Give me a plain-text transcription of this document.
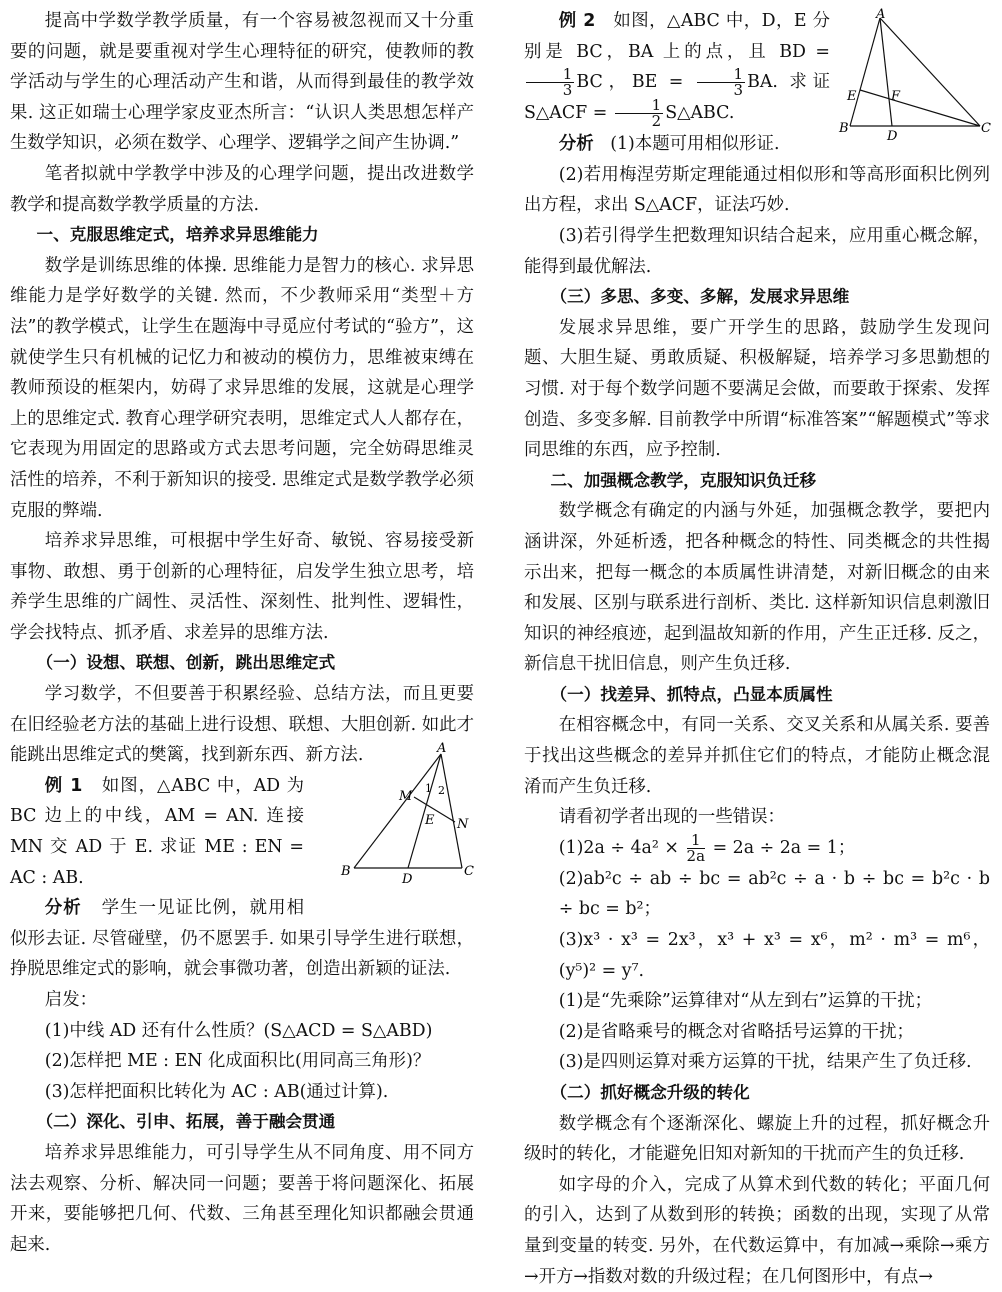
提高中学数学教学质量，有一个容易被忽视而又十分重要的问题，就是要重视对学生心理特征的研究，使教师的教学活动与学生的心理活动产生和谐，从而得到最佳的教学效果. 这正如瑞士心理学家皮亚杰所言：“认识人类思想怎样产生数学知识，必须在数学、心理学、逻辑学之间产生协调.”

笔者拟就中学教学中涉及的心理学问题，提出改进数学教学和提高数学教学质量的方法.

一、克服思维定式，培养求异思维能力

数学是训练思维的体操. 思维能力是智力的核心. 求异思维能力是学好数学的关键. 然而，不少教师采用“类型＋方法”的教学模式，让学生在题海中寻觅应付考试的“验方”，这就使学生只有机械的记忆力和被动的模仿力，思维被束缚在教师预设的框架内，妨碍了求异思维的发展，这就是心理学上的思维定式. 教育心理学研究表明，思维定式人人都存在，它表现为用固定的思路或方式去思考问题，完全妨碍思维灵活性的培养，不利于新知识的接受. 思维定式是数学教学必须克服的弊端.

培养求异思维，可根据中学生好奇、敏锐、容易接受新事物、敢想、勇于创新的心理特征，启发学生独立思考，培养学生思维的广阔性、灵活性、深刻性、批判性、逻辑性，学会找特点、抓矛盾、求差异的思维方法.

（一）设想、联想、创新，跳出思维定式

学习数学，不但要善于积累经验、总结方法，而且更要在旧经验老方法的基础上进行设想、联想、大胆创新. 如此才能跳出思维定式的樊篱，找到新东西、新方法.

例 1 如图，△ABC 中，AD 为 BC 边上的中线，AM = AN. 连接 MN 交 AD 于 E. 求证 ME : EN = AC : AB.

分析 学生一见证比例，就用相似形去证. 尽管碰壁，仍不愿罢手. 如果引导学生进行联想，挣脱思维定式的影响，就会事微功著，创造出新颖的证法.

启发：

(1)中线 AD 还有什么性质？(S△ACD = S△ABD)

(2)怎样把 ME : EN 化成面积比(用同高三角形)？

(3)怎样把面积比转化为 AC : AB(通过计算).

（二）深化、引申、拓展，善于融会贯通

培养求异思维能力，可引导学生从不同角度、用不同方法去观察、分析、解决同一问题；要善于将问题深化、拓展开来，要能够把几何、代数、三角甚至理化知识都融会贯通起来.

A
M
1 2
E N
B
D
C

例 2 如图，△ABC 中，D，E 分别是 BC，BA 上的点，且 BD =
$\frac{1}{3}$ BC，BE = $\frac{1}{3}$ BA. 求证 S△ACF = $\frac{1}{2}$ S△ABC.

分析 (1)本题可用相似形证.

(2)若用梅涅劳斯定理能通过相似形和等高形面积比例列出方程，求出 S△ACF，证法巧妙.

(3)若引得学生把数理知识结合起来，应用重心概念解，能得到最优解法.

（三）多思、多变、多解，发展求异思维

发展求异思维，要广开学生的思路，鼓励学生发现问题、大胆生疑、勇敢质疑、积极解疑，培养学习多思勤想的习惯. 对于每个数学问题不要满足会做，而要敢于探索、发挥创造、多变多解. 目前教学中所谓“标准答案”“解题模式”等求同思维的东西，应予控制.

二、加强概念教学，克服知识负迁移

数学概念有确定的内涵与外延，加强概念教学，要把内涵讲深，外延析透，把各种概念的特性、同类概念的共性揭示出来，把每一概念的本质属性讲清楚，对新旧概念的由来和发展、区别与联系进行剖析、类比. 这样新知识信息刺激旧知识的神经痕迹，起到温故知新的作用，产生正迁移. 反之，新信息干扰旧信息，则产生负迁移.

（一）找差异、抓特点，凸显本质属性

在相容概念中，有同一关系、交叉关系和从属关系. 要善于找出这些概念的差异并抓住它们的特点，才能防止概念混淆而产生负迁移.

请看初学者出现的一些错误：

$(1)2a \div 4a^2 \times \frac{1}{2a} = 2a \div 2a = 1$；

(2)ab²c ÷ ab ÷ bc = ab²c ÷ a · b ÷ bc = b²c · b ÷ bc = b²；

(3)x³ · x³ = 2x³，x³ + x³ = x⁶，m² · m³ = m⁶，(y⁵)² = y⁷.

(1)是“先乘除”运算律对“从左到右”运算的干扰；

(2)是省略乘号的概念对省略括号运算的干扰；

(3)是四则运算对乘方运算的干扰，结果产生了负迁移.

（二）抓好概念升级的转化

数学概念有个逐渐深化、螺旋上升的过程，抓好概念升级时的转化，才能避免旧知对新知的干扰而产生的负迁移.

如字母的介入，完成了从算术到代数的转化；平面几何的引入，达到了从数到形的转换；函数的出现，实现了从常量到变量的转变. 另外，在代数运算中，有加减→乘除→乘方→开方→指数对数的升级过程；在几何图形中，有点→

A
E	F
B
D
C
